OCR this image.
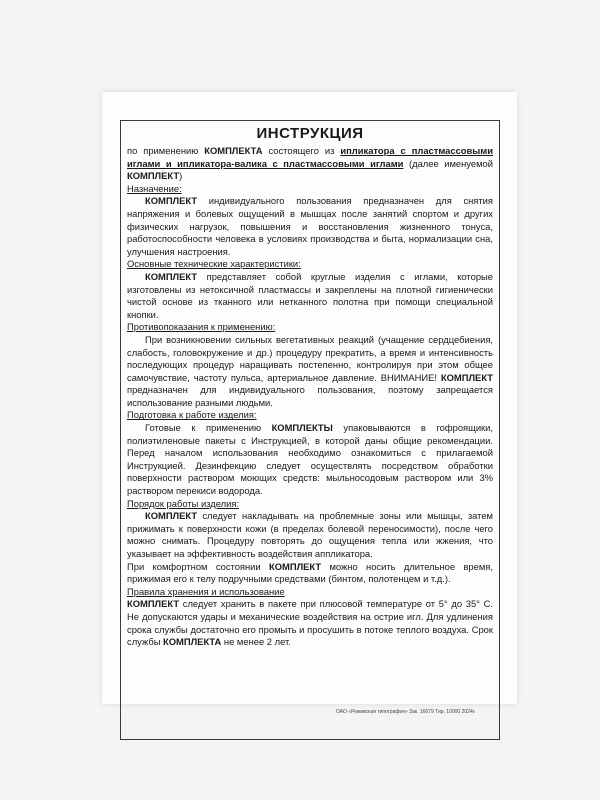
ИНСТРУКЦИЯ

по применению КОМПЛЕКТА состоящего из ипликатора с пластмассовыми иглами и ипликатора-валика с пластмассовыми иглами (далее именуемой КОМПЛЕКТ)

Назначение:

КОМПЛЕКТ индивидуального пользования предназначен для снятия напряжения и болевых ощущений в мышцах после занятий спортом и других физических нагрузок, повышения и восстановления жизненного тонуса, работоспособности человека в условиях производства и быта, нормализации сна, улучшения настроения.

Основные технические характеристики:

КОМПЛЕКТ представляет собой круглые изделия с иглами, которые изготовлены из нетоксичной пластмассы и закреплены на плотной гигиенически чистой основе из тканного или нетканного полотна при помощи специальной кнопки.

Противопоказания к применению:

При возникновении сильных вегетативных реакций (учащение сердцебиения, слабость, головокружение и др.) процедуру прекратить, а время и интенсивность последующих процедур наращивать постепенно, контролируя при этом общее самочувствие, частоту пульса, артериальное давление. ВНИМАНИЕ! КОМПЛЕКТ предназначен для индивидуального пользования, поэтому запрещается использование разными людьми.

Подготовка к работе изделия:

Готовые к применению КОМПЛЕКТЫ упаковываются в гофроящики, полиэтиленовые пакеты с Инструкцией, в которой даны общие рекомендации. Перед началом использования необходимо ознакомиться с прилагаемой Инструкцией. Дезинфекцию следует осуществлять посредством обработки поверхности раствором моющих средств: мыльносодовым раствором или 3% раствором перекиси водорода.

Порядок работы изделия:

КОМПЛЕКТ следует накладывать на проблемные зоны или мышцы, затем прижимать к поверхности кожи (в пределах болевой переносимости), после чего можно снимать. Процедуру повторять до ощущения тепла или жжения, что указывает на эффективность воздействия аппликатора.

При комфортном состоянии КОМПЛЕКТ можно носить длительное время, прижимая его к телу подручными средствами (бинтом, полотенцем и т.д.).

Правила хранения и использование

КОМПЛЕКТ следует хранить в пакете при плюсовой температуре от 5° до 35° С. Не допускаются удары и механические воздействия на острие игл. Для удлинения срока службы достаточно его промыть и просушить в потоке теплого воздуха. Срок службы КОМПЛЕКТА не менее 2 лет.

ОАО «Реживская типография» Зак. 16679 Тир. 10000 2024г.
